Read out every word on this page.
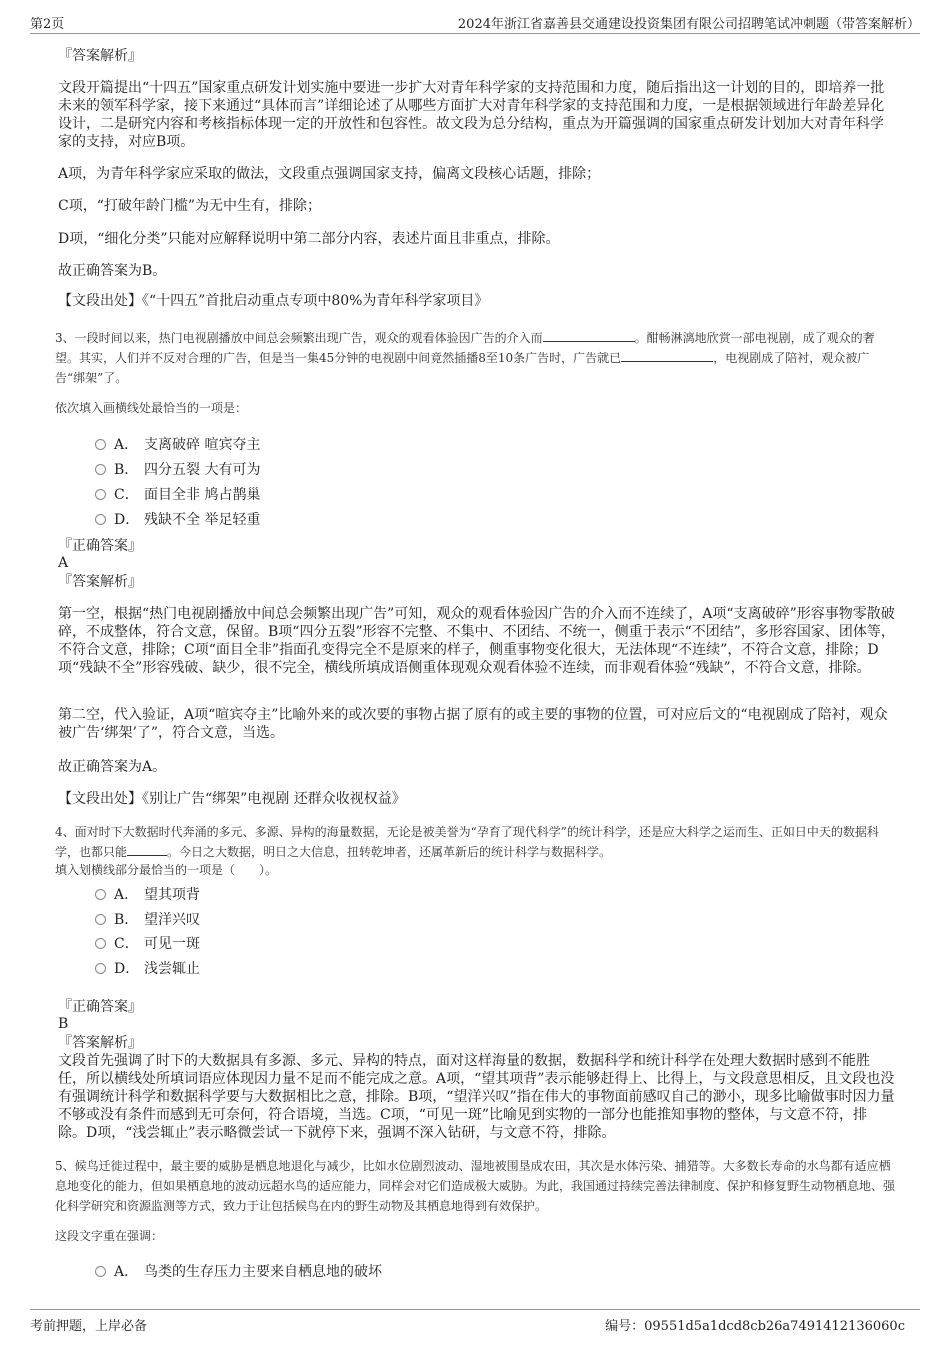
第2页	2024年浙江省嘉善县交通建设投资集团有限公司招聘笔试冲刺题（带答案解析）
『答案解析』
文段开篇提出“十四五”国家重点研发计划实施中要进一步扩大对青年科学家的支持范围和力度，随后指出这一计划的目的，即培养一批未来的领军科学家，接下来通过“具体而言”详细论述了从哪些方面扩大对青年科学家的支持范围和力度，一是根据领域进行年龄差异化设计，二是研究内容和考核指标体现一定的开放性和包容性。故文段为总分结构，重点为开篇强调的国家重点研发计划加大对青年科学家的支持，对应B项。
A项，为青年科学家应采取的做法，文段重点强调国家支持，偏离文段核心话题，排除；
C项，“打破年龄门槛”为无中生有，排除；
D项，“细化分类”只能对应解释说明中第二部分内容，表述片面且非重点，排除。
故正确答案为B。
【文段出处】《“十四五”首批启动重点专项中80%为青年科学家项目》
3、一段时间以来，热门电视剧播放中间总会频繁出现广告，观众的观看体验因广告的介入而	。酣畅淋漓地欣赏一部电视剧，成了观众的奢望。其实，人们并不反对合理的广告，但是当一集45分钟的电视剧中间竟然插播8至10条广告时，广告就已	，电视剧成了陪衬，观众被广告“绑架”了。
依次填入画横线处最恰当的一项是：
A． 支离破碎 喧宾夺主
B． 四分五裂 大有可为
C． 面目全非 鸠占鹊巢
D． 残缺不全 举足轻重
『正确答案』
A
『答案解析』
第一空，根据“热门电视剧播放中间总会频繁出现广告”可知，观众的观看体验因广告的介入而不连续了，A项“支离破碎”形容事物零散破碎，不成整体，符合文意，保留。B项“四分五裂”形容不完整、不集中、不团结、不统一，侧重于表示“不团结”，多形容国家、团体等，不符合文意，排除；C项“面目全非”指面孔变得完全不是原来的样子，侧重事物变化很大，无法体现“不连续”，不符合文意，排除；D项“残缺不全”形容残破、缺少，很不完全，横线所填成语侧重体现观众观看体验不连续，而非观看体验“残缺”，不符合文意，排除。
第二空，代入验证，A项“喧宾夺主”比喻外来的或次要的事物占据了原有的或主要的事物的位置，可对应后文的“电视剧成了陪衬，观众被广告‘绑架’了”，符合文意，当选。
故正确答案为A。
【文段出处】《别让广告“绑架”电视剧 还群众收视权益》
4、面对时下大数据时代奔涌的多元、多源、异构的海量数据，无论是被美誉为“孕育了现代科学”的统计科学，还是应大科学之运而生、正如日中天的数据科学，也都只能	。今日之大数据，明日之大信息，扭转乾坤者，还属革新后的统计科学与数据科学。
填入划横线部分最恰当的一项是（　　）。
A． 望其项背
B． 望洋兴叹
C． 可见一斑
D． 浅尝辄止
『正确答案』
B
『答案解析』
文段首先强调了时下的大数据具有多源、多元、异构的特点，面对这样海量的数据，数据科学和统计科学在处理大数据时感到不能胜任，所以横线处所填词语应体现因力量不足而不能完成之意。A项，“望其项背”表示能够赶得上、比得上，与文段意思相反，且文段也没有强调统计科学和数据科学要与大数据相比之意，排除。B项，“望洋兴叹”指在伟大的事物面前感叹自己的渺小，现多比喻做事时因力量不够或没有条件而感到无可奈何，符合语境，当选。C项，“可见一斑”比喻见到实物的一部分也能推知事物的整体，与文意不符，排除。D项，“浅尝辄止”表示略微尝试一下就停下来，强调不深入钻研，与文意不符，排除。
5、候鸟迁徙过程中，最主要的威胁是栖息地退化与减少，比如水位剧烈波动、湿地被围垦成农田，其次是水体污染、捕猎等。大多数长寿命的水鸟都有适应栖息地变化的能力，但如果栖息地的波动远超水鸟的适应能力，同样会对它们造成极大威胁。为此，我国通过持续完善法律制度、保护和修复野生动物栖息地、强化科学研究和资源监测等方式，致力于让包括候鸟在内的野生动物及其栖息地得到有效保护。
这段文字重在强调：
A． 鸟类的生存压力主要来自栖息地的破坏
考前押题，上岸必备	编号：09551d5a1dcd8cb26a7491412136060c
